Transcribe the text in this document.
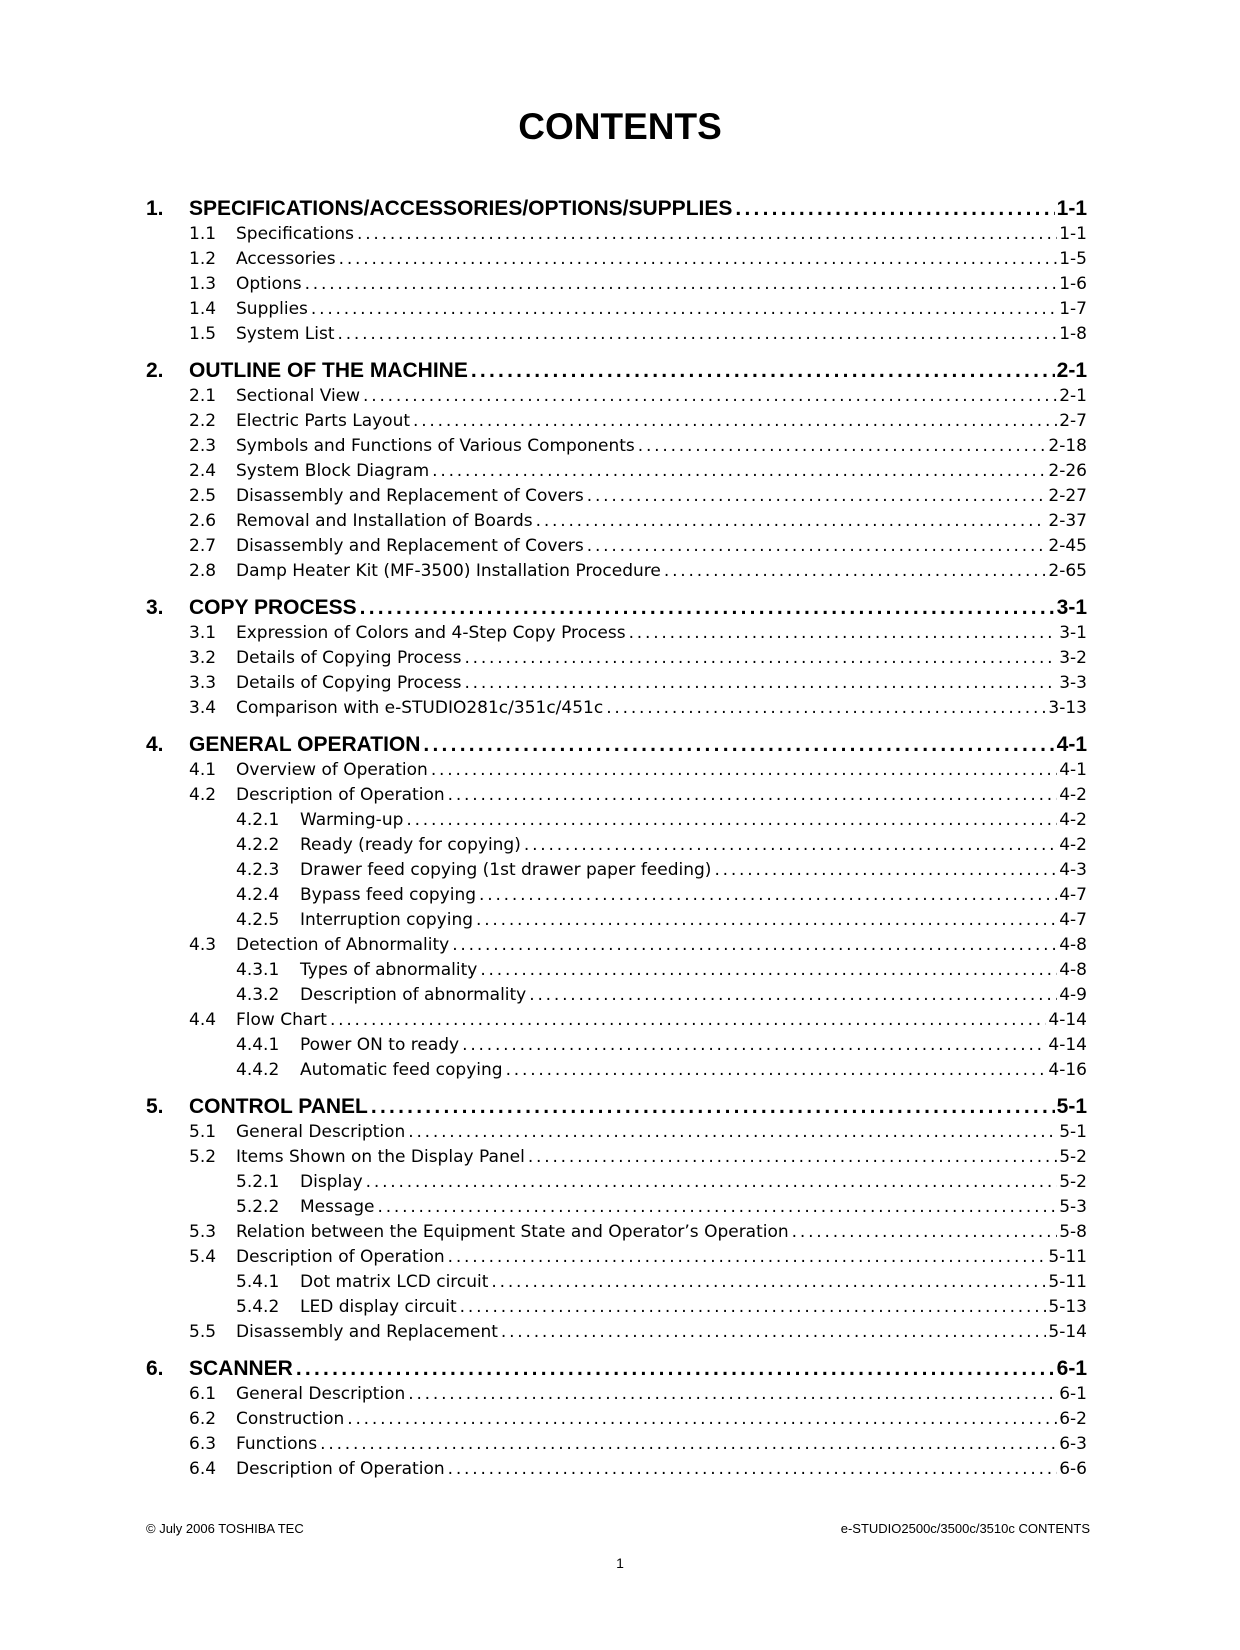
CONTENTS
1.	SPECIFICATIONS/ACCESSORIES/OPTIONS/SUPPLIES . . .	1-1
1.1	Specifications . . .	1-1
1.2	Accessories . . .	1-5
1.3	Options . . .	1-6
1.4	Supplies . . .	1-7
1.5	System List . . .	1-8
2.	OUTLINE OF THE MACHINE . . .	2-1
2.1	Sectional View . . .	2-1
2.2	Electric Parts Layout . . .	2-7
2.3	Symbols and Functions of Various Components . . .	2-18
2.4	System Block Diagram . . .	2-26
2.5	Disassembly and Replacement of Covers . . .	2-27
2.6	Removal and Installation of Boards . . .	2-37
2.7	Disassembly and Replacement of Covers . . .	2-45
2.8	Damp Heater Kit (MF-3500) Installation Procedure . . .	2-65
3.	COPY PROCESS . . .	3-1
3.1	Expression of Colors and 4-Step Copy Process . . .	3-1
3.2	Details of Copying Process . . .	3-2
3.3	Details of Copying Process . . .	3-3
3.4	Comparison with e-STUDIO281c/351c/451c . . .	3-13
4.	GENERAL OPERATION . . .	4-1
4.1	Overview of Operation . . .	4-1
4.2	Description of Operation . . .	4-2
4.2.1	Warming-up . . .	4-2
4.2.2	Ready (ready for copying) . . .	4-2
4.2.3	Drawer feed copying (1st drawer paper feeding) . . .	4-3
4.2.4	Bypass feed copying . . .	4-7
4.2.5	Interruption copying . . .	4-7
4.3	Detection of Abnormality . . .	4-8
4.3.1	Types of abnormality . . .	4-8
4.3.2	Description of abnormality . . .	4-9
4.4	Flow Chart . . .	4-14
4.4.1	Power ON to ready . . .	4-14
4.4.2	Automatic feed copying . . .	4-16
5.	CONTROL PANEL . . .	5-1
5.1	General Description . . .	5-1
5.2	Items Shown on the Display Panel . . .	5-2
5.2.1	Display . . .	5-2
5.2.2	Message . . .	5-3
5.3	Relation between the Equipment State and Operator’s Operation . . .	5-8
5.4	Description of Operation . . .	5-11
5.4.1	Dot matrix LCD circuit . . .	5-11
5.4.2	LED display circuit . . .	5-13
5.5	Disassembly and Replacement . . .	5-14
6.	SCANNER . . .	6-1
6.1	General Description . . .	6-1
6.2	Construction . . .	6-2
6.3	Functions . . .	6-3
6.4	Description of Operation . . .	6-6
© July 2006 TOSHIBA TEC	e-STUDIO2500c/3500c/3510c CONTENTS
1
